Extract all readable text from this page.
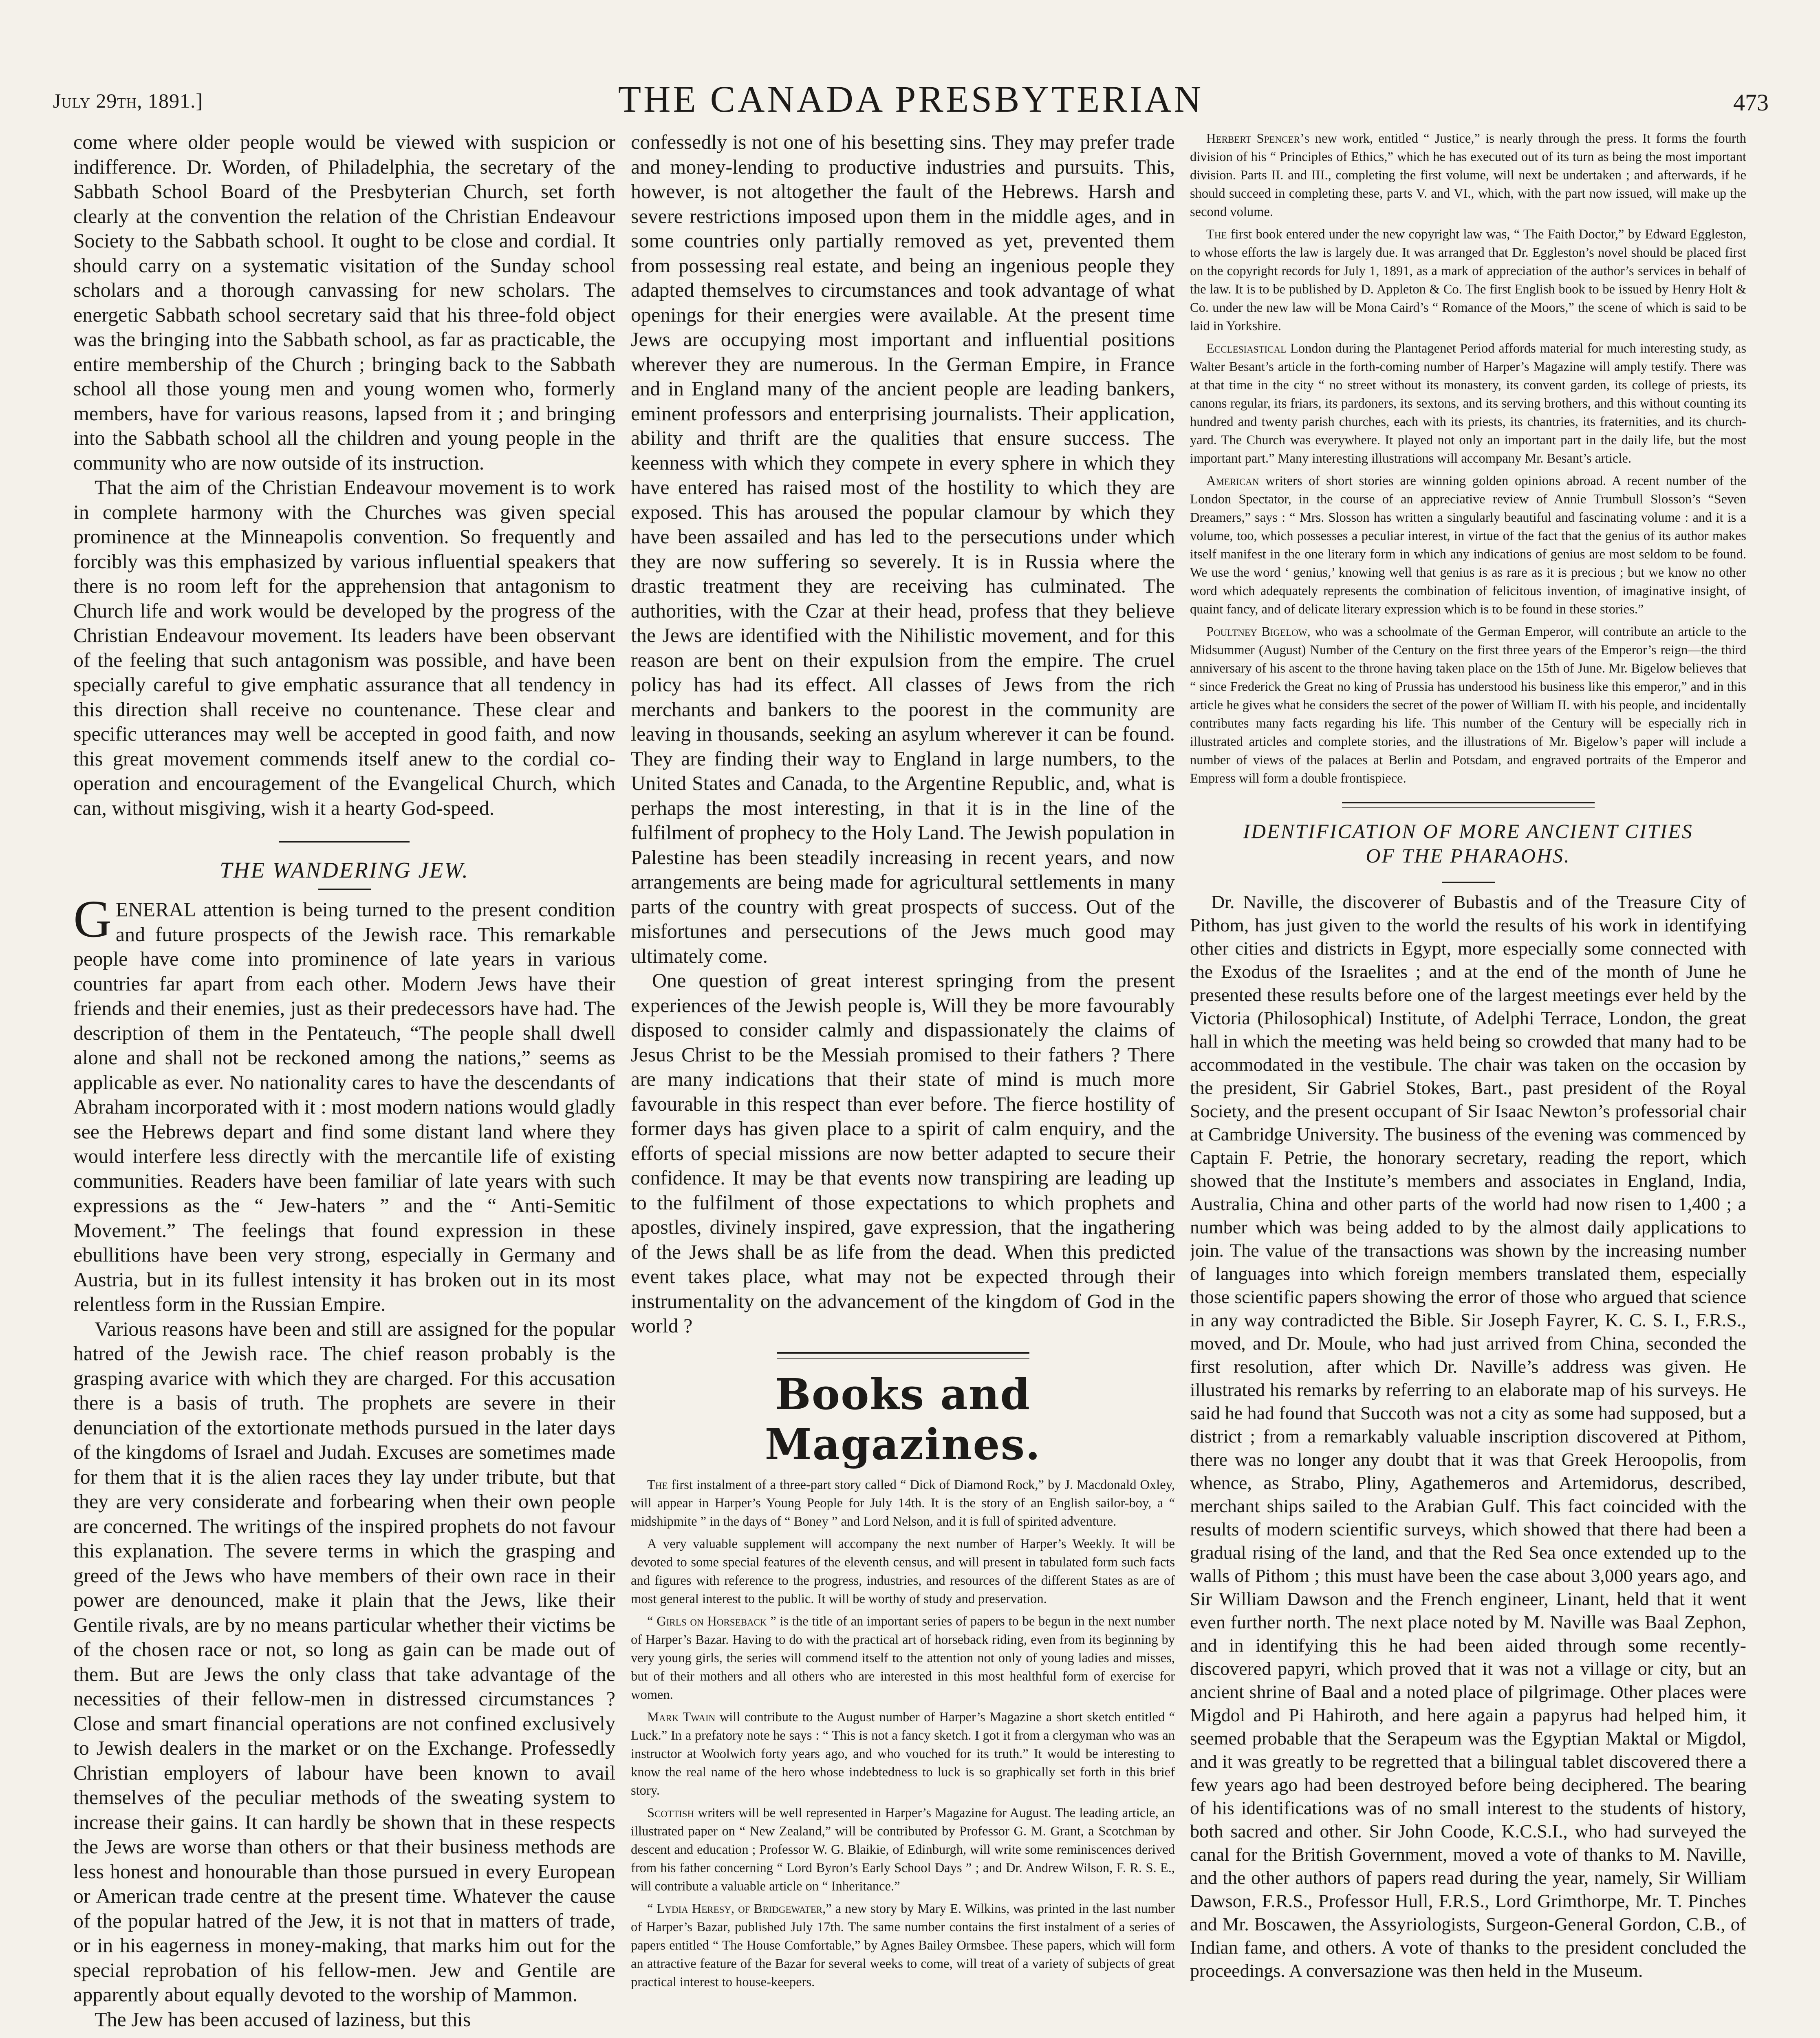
July 29th, 1891.]	THE CANADA PRESBYTERIAN	473

come where older people would be viewed with suspicion or indifference. Dr. Worden, of Philadelphia, the secretary of the Sabbath School Board of the Presbyterian Church, set forth clearly at the convention the relation of the Christian Endeavour Society to the Sabbath school. It ought to be close and cordial. It should carry on a systematic visitation of the Sunday school scholars and a thorough canvassing for new scholars. The energetic Sabbath school secretary said that his three-fold object was the bringing into the Sabbath school, as far as practicable, the entire membership of the Church ; bringing back to the Sabbath school all those young men and young women who, formerly members, have for various reasons, lapsed from it ; and bringing into the Sabbath school all the children and young people in the community who are now outside of its instruction.

That the aim of the Christian Endeavour movement is to work in complete harmony with the Churches was given special prominence at the Minneapolis convention. So frequently and forcibly was this emphasized by various influential speakers that there is no room left for the apprehension that antagonism to Church life and work would be developed by the progress of the Christian Endeavour movement. Its leaders have been observant of the feeling that such antagonism was possible, and have been specially careful to give emphatic assurance that all tendency in this direction shall receive no countenance. These clear and specific utterances may well be accepted in good faith, and now this great movement commends itself anew to the cordial co-operation and encouragement of the Evangelical Church, which can, without misgiving, wish it a hearty God-speed.

THE WANDERING JEW.

GENERAL attention is being turned to the present condition and future prospects of the Jewish race. This remarkable people have come into prominence of late years in various countries far apart from each other. Modern Jews have their friends and their enemies, just as their predecessors have had. The description of them in the Pentateuch, “The people shall dwell alone and shall not be reckoned among the nations,” seems as applicable as ever. No nationality cares to have the descendants of Abraham incorporated with it : most modern nations would gladly see the Hebrews depart and find some distant land where they would interfere less directly with the mercantile life of existing communities. Readers have been familiar of late years with such expressions as the “ Jew-haters ” and the “ Anti-Semitic Movement.” The feelings that found expression in these ebullitions have been very strong, especially in Germany and Austria, but in its fullest intensity it has broken out in its most relentless form in the Russian Empire.

Various reasons have been and still are assigned for the popular hatred of the Jewish race. The chief reason probably is the grasping avarice with which they are charged. For this accusation there is a basis of truth. The prophets are severe in their denunciation of the extortionate methods pursued in the later days of the kingdoms of Israel and Judah. Excuses are sometimes made for them that it is the alien races they lay under tribute, but that they are very considerate and forbearing when their own people are concerned. The writings of the inspired prophets do not favour this explanation. The severe terms in which the grasping and greed of the Jews who have members of their own race in their power are denounced, make it plain that the Jews, like their Gentile rivals, are by no means particular whether their victims be of the chosen race or not, so long as gain can be made out of them. But are Jews the only class that take advantage of the necessities of their fellow-men in distressed circumstances ? Close and smart financial operations are not confined exclusively to Jewish dealers in the market or on the Exchange. Professedly Christian employers of labour have been known to avail themselves of the peculiar methods of the sweating system to increase their gains. It can hardly be shown that in these respects the Jews are worse than others or that their business methods are less honest and honourable than those pursued in every European or American trade centre at the present time. Whatever the cause of the popular hatred of the Jew, it is not that in matters of trade, or in his eagerness in money-making, that marks him out for the special reprobation of his fellow-men. Jew and Gentile are apparently about equally devoted to the worship of Mammon.

The Jew has been accused of laziness, but this

confessedly is not one of his besetting sins. They may prefer trade and money-lending to productive industries and pursuits. This, however, is not altogether the fault of the Hebrews. Harsh and severe restrictions imposed upon them in the middle ages, and in some countries only partially removed as yet, prevented them from possessing real estate, and being an ingenious people they adapted themselves to circumstances and took advantage of what openings for their energies were available. At the present time Jews are occupying most important and influential positions wherever they are numerous. In the German Empire, in France and in England many of the ancient people are leading bankers, eminent professors and enterprising journalists. Their application, ability and thrift are the qualities that ensure success. The keenness with which they compete in every sphere in which they have entered has raised most of the hostility to which they are exposed. This has aroused the popular clamour by which they have been assailed and has led to the persecutions under which they are now suffering so severely. It is in Russia where the drastic treatment they are receiving has culminated. The authorities, with the Czar at their head, profess that they believe the Jews are identified with the Nihilistic movement, and for this reason are bent on their expulsion from the empire. The cruel policy has had its effect. All classes of Jews from the rich merchants and bankers to the poorest in the community are leaving in thousands, seeking an asylum wherever it can be found. They are finding their way to England in large numbers, to the United States and Canada, to the Argentine Republic, and, what is perhaps the most interesting, in that it is in the line of the fulfilment of prophecy to the Holy Land. The Jewish population in Palestine has been steadily increasing in recent years, and now arrangements are being made for agricultural settlements in many parts of the country with great prospects of success. Out of the misfortunes and persecutions of the Jews much good may ultimately come.

One question of great interest springing from the present experiences of the Jewish people is, Will they be more favourably disposed to consider calmly and dispassionately the claims of Jesus Christ to be the Messiah promised to their fathers ? There are many indications that their state of mind is much more favourable in this respect than ever before. The fierce hostility of former days has given place to a spirit of calm enquiry, and the efforts of special missions are now better adapted to secure their confidence. It may be that events now transpiring are leading up to the fulfilment of those expectations to which prophets and apostles, divinely inspired, gave expression, that the ingathering of the Jews shall be as life from the dead. When this predicted event takes place, what may not be expected through their instrumentality on the advancement of the kingdom of God in the world ?

Books and Magazines.

The first instalment of a three-part story called “ Dick of Diamond Rock,” by J. Macdonald Oxley, will appear in Harper’s Young People for July 14th. It is the story of an English sailor-boy, a “ midshipmite ” in the days of “ Boney ” and Lord Nelson, and it is full of spirited adventure.

A very valuable supplement will accompany the next number of Harper’s Weekly. It will be devoted to some special features of the eleventh census, and will present in tabulated form such facts and figures with reference to the progress, industries, and resources of the different States as are of most general interest to the public. It will be worthy of study and preservation.

“ Girls on Horseback ” is the title of an important series of papers to be begun in the next number of Harper’s Bazar. Having to do with the practical art of horseback riding, even from its beginning by very young girls, the series will commend itself to the attention not only of young ladies and misses, but of their mothers and all others who are interested in this most healthful form of exercise for women.

Mark Twain will contribute to the August number of Harper’s Magazine a short sketch entitled “ Luck.” In a prefatory note he says : “ This is not a fancy sketch. I got it from a clergyman who was an instructor at Woolwich forty years ago, and who vouched for its truth.” It would be interesting to know the real name of the hero whose indebtedness to luck is so graphically set forth in this brief story.

Scottish writers will be well represented in Harper’s Magazine for August. The leading article, an illustrated paper on “ New Zealand,” will be contributed by Professor G. M. Grant, a Scotchman by descent and education ; Professor W. G. Blaikie, of Edinburgh, will write some reminiscences derived from his father concerning “ Lord Byron’s Early School Days ” ; and Dr. Andrew Wilson, F. R. S. E., will contribute a valuable article on “ Inheritance.”

“ Lydia Heresy, of Bridgewater,” a new story by Mary E. Wilkins, was printed in the last number of Harper’s Bazar, published July 17th. The same number contains the first instalment of a series of papers entitled “ The House Comfortable,” by Agnes Bailey Ormsbee. These papers, which will form an attractive feature of the Bazar for several weeks to come, will treat of a variety of subjects of great practical interest to house-keepers.

Herbert Spencer’s new work, entitled “ Justice,” is nearly through the press. It forms the fourth division of his “ Principles of Ethics,” which he has executed out of its turn as being the most important division. Parts II. and III., completing the first volume, will next be undertaken ; and afterwards, if he should succeed in completing these, parts V. and VI., which, with the part now issued, will make up the second volume.

The first book entered under the new copyright law was, “ The Faith Doctor,” by Edward Eggleston, to whose efforts the law is largely due. It was arranged that Dr. Eggleston’s novel should be placed first on the copyright records for July 1, 1891, as a mark of appreciation of the author’s services in behalf of the law. It is to be published by D. Appleton & Co. The first English book to be issued by Henry Holt & Co. under the new law will be Mona Caird’s “ Romance of the Moors,” the scene of which is said to be laid in Yorkshire.

Ecclesiastical London during the Plantagenet Period affords material for much interesting study, as Walter Besant’s article in the forth-coming number of Harper’s Magazine will amply testify. There was at that time in the city “ no street without its monastery, its convent garden, its college of priests, its canons regular, its friars, its pardoners, its sextons, and its serving brothers, and this without counting its hundred and twenty parish churches, each with its priests, its chantries, its fraternities, and its church-yard. The Church was everywhere. It played not only an important part in the daily life, but the most important part.” Many interesting illustrations will accompany Mr. Besant’s article.

American writers of short stories are winning golden opinions abroad. A recent number of the London Spectator, in the course of an appreciative review of Annie Trumbull Slosson’s “Seven Dreamers,” says : “ Mrs. Slosson has written a singularly beautiful and fascinating volume : and it is a volume, too, which possesses a peculiar interest, in virtue of the fact that the genius of its author makes itself manifest in the one literary form in which any indications of genius are most seldom to be found. We use the word ‘ genius,’ knowing well that genius is as rare as it is precious ; but we know no other word which adequately represents the combination of felicitous invention, of imaginative insight, of quaint fancy, and of delicate literary expression which is to be found in these stories.”

Poultney Bigelow, who was a schoolmate of the German Emperor, will contribute an article to the Midsummer (August) Number of the Century on the first three years of the Emperor’s reign—the third anniversary of his ascent to the throne having taken place on the 15th of June. Mr. Bigelow believes that “ since Frederick the Great no king of Prussia has understood his business like this emperor,” and in this article he gives what he considers the secret of the power of William II. with his people, and incidentally contributes many facts regarding his life. This number of the Century will be especially rich in illustrated articles and complete stories, and the illustrations of Mr. Bigelow’s paper will include a number of views of the palaces at Berlin and Potsdam, and engraved portraits of the Emperor and Empress will form a double frontispiece.

IDENTIFICATION OF MORE ANCIENT CITIES
OF THE PHARAOHS.

Dr. Naville, the discoverer of Bubastis and of the Treasure City of Pithom, has just given to the world the results of his work in identifying other cities and districts in Egypt, more especially some connected with the Exodus of the Israelites ; and at the end of the month of June he presented these results before one of the largest meetings ever held by the Victoria (Philosophical) Institute, of Adelphi Terrace, London, the great hall in which the meeting was held being so crowded that many had to be accommodated in the vestibule. The chair was taken on the occasion by the president, Sir Gabriel Stokes, Bart., past president of the Royal Society, and the present occupant of Sir Isaac Newton’s professorial chair at Cambridge University. The business of the evening was commenced by Captain F. Petrie, the honorary secretary, reading the report, which showed that the Institute’s members and associates in England, India, Australia, China and other parts of the world had now risen to 1,400 ; a number which was being added to by the almost daily applications to join. The value of the transactions was shown by the increasing number of languages into which foreign members translated them, especially those scientific papers showing the error of those who argued that science in any way contradicted the Bible. Sir Joseph Fayrer, K. C. S. I., F.R.S., moved, and Dr. Moule, who had just arrived from China, seconded the first resolution, after which Dr. Naville’s address was given. He illustrated his remarks by referring to an elaborate map of his surveys. He said he had found that Succoth was not a city as some had supposed, but a district ; from a remarkably valuable inscription discovered at Pithom, there was no longer any doubt that it was that Greek Heroopolis, from whence, as Strabo, Pliny, Agathemeros and Artemidorus, described, merchant ships sailed to the Arabian Gulf. This fact coincided with the results of modern scientific surveys, which showed that there had been a gradual rising of the land, and that the Red Sea once extended up to the walls of Pithom ; this must have been the case about 3,000 years ago, and Sir William Dawson and the French engineer, Linant, held that it went even further north. The next place noted by M. Naville was Baal Zephon, and in identifying this he had been aided through some recently-discovered papyri, which proved that it was not a village or city, but an ancient shrine of Baal and a noted place of pilgrimage. Other places were Migdol and Pi Hahiroth, and here again a papyrus had helped him, it seemed probable that the Serapeum was the Egyptian Maktal or Migdol, and it was greatly to be regretted that a bilingual tablet discovered there a few years ago had been destroyed before being deciphered. The bearing of his identifications was of no small interest to the students of history, both sacred and other. Sir John Coode, K.C.S.I., who had surveyed the canal for the British Government, moved a vote of thanks to M. Naville, and the other authors of papers read during the year, namely, Sir William Dawson, F.R.S., Professor Hull, F.R.S., Lord Grimthorpe, Mr. T. Pinches and Mr. Boscawen, the Assyriologists, Surgeon-General Gordon, C.B., of Indian fame, and others. A vote of thanks to the president concluded the proceedings. A conversazione was then held in the Museum.
